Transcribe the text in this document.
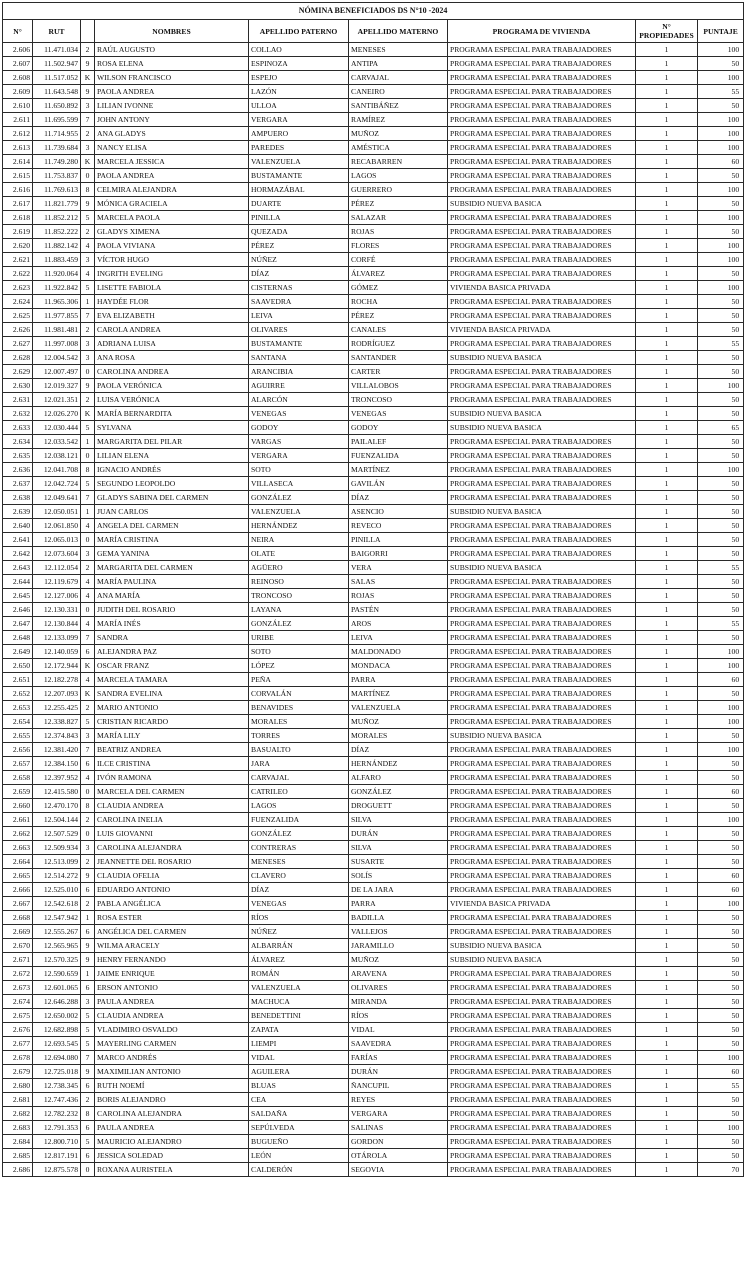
NÓMINA BENEFICIADOS DS N°10 -2024								
N°	RUT		NOMBRES	APELLIDO PATERNO	APELLIDO MATERNO	PROGRAMA DE VIVIENDA	N° PROPIEDADES	PUNTAJE
2.606	11.471.034	2	RAÚL AUGUSTO	COLLAO	MENESES	PROGRAMA ESPECIAL PARA TRABAJADORES	1	100
2.607	11.502.947	9	ROSA ELENA	ESPINOZA	ANTIPA	PROGRAMA ESPECIAL PARA TRABAJADORES	1	50
2.608	11.517.052	K	WILSON FRANCISCO	ESPEJO	CARVAJAL	PROGRAMA ESPECIAL PARA TRABAJADORES	1	100
2.609	11.643.548	9	PAOLA ANDREA	LAZÓN	CANEIRO	PROGRAMA ESPECIAL PARA TRABAJADORES	1	55
2.610	11.650.892	3	LILIAN IVONNE	ULLOA	SANTIBÁÑEZ	PROGRAMA ESPECIAL PARA TRABAJADORES	1	50
2.611	11.695.599	7	JOHN ANTONY	VERGARA	RAMÍREZ	PROGRAMA ESPECIAL PARA TRABAJADORES	1	100
2.612	11.714.955	2	ANA GLADYS	AMPUERO	MUÑOZ	PROGRAMA ESPECIAL PARA TRABAJADORES	1	100
2.613	11.739.684	3	NANCY ELISA	PAREDES	AMÉSTICA	PROGRAMA ESPECIAL PARA TRABAJADORES	1	100
2.614	11.749.280	K	MARCELA JESSICA	VALENZUELA	RECABARREN	PROGRAMA ESPECIAL PARA TRABAJADORES	1	60
2.615	11.753.837	0	PAOLA ANDREA	BUSTAMANTE	LAGOS	PROGRAMA ESPECIAL PARA TRABAJADORES	1	50
2.616	11.769.613	8	CELMIRA ALEJANDRA	HORMAZÁBAL	GUERRERO	PROGRAMA ESPECIAL PARA TRABAJADORES	1	100
2.617	11.821.779	9	MÓNICA GRACIELA	DUARTE	PÉREZ	SUBSIDIO NUEVA BASICA	1	50
2.618	11.852.212	5	MARCELA PAOLA	PINILLA	SALAZAR	PROGRAMA ESPECIAL PARA TRABAJADORES	1	100
2.619	11.852.222	2	GLADYS XIMENA	QUEZADA	ROJAS	PROGRAMA ESPECIAL PARA TRABAJADORES	1	50
2.620	11.882.142	4	PAOLA VIVIANA	PÉREZ	FLORES	PROGRAMA ESPECIAL PARA TRABAJADORES	1	100
2.621	11.883.459	3	VÍCTOR HUGO	NÚÑEZ	CORFÉ	PROGRAMA ESPECIAL PARA TRABAJADORES	1	100
2.622	11.920.064	4	INGRITH EVELING	DÍAZ	ÁLVAREZ	PROGRAMA ESPECIAL PARA TRABAJADORES	1	50
2.623	11.922.842	5	LISETTE FABIOLA	CISTERNAS	GÓMEZ	VIVIENDA BASICA PRIVADA	1	100
2.624	11.965.306	1	HAYDÉE FLOR	SAAVEDRA	ROCHA	PROGRAMA ESPECIAL PARA TRABAJADORES	1	50
2.625	11.977.855	7	EVA ELIZABETH	LEIVA	PÉREZ	PROGRAMA ESPECIAL PARA TRABAJADORES	1	50
2.626	11.981.481	2	CAROLA ANDREA	OLIVARES	CANALES	VIVIENDA BASICA PRIVADA	1	50
2.627	11.997.008	3	ADRIANA LUISA	BUSTAMANTE	RODRÍGUEZ	PROGRAMA ESPECIAL PARA TRABAJADORES	1	55
2.628	12.004.542	3	ANA ROSA	SANTANA	SANTANDER	SUBSIDIO NUEVA BASICA	1	50
2.629	12.007.497	0	CAROLINA ANDREA	ARANCIBIA	CARTER	PROGRAMA ESPECIAL PARA TRABAJADORES	1	50
2.630	12.019.327	9	PAOLA VERÓNICA	AGUIRRE	VILLALOBOS	PROGRAMA ESPECIAL PARA TRABAJADORES	1	100
2.631	12.021.351	2	LUISA VERÓNICA	ALARCÓN	TRONCOSO	PROGRAMA ESPECIAL PARA TRABAJADORES	1	50
2.632	12.026.270	K	MARÍA BERNARDITA	VENEGAS	VENEGAS	SUBSIDIO NUEVA BASICA	1	50
2.633	12.030.444	5	SYLVANA	GODOY	GODOY	SUBSIDIO NUEVA BASICA	1	65
2.634	12.033.542	1	MARGARITA DEL PILAR	VARGAS	PAILALEF	PROGRAMA ESPECIAL PARA TRABAJADORES	1	50
2.635	12.038.121	0	LILIAN ELENA	VERGARA	FUENZALIDA	PROGRAMA ESPECIAL PARA TRABAJADORES	1	50
2.636	12.041.708	8	IGNACIO ANDRÉS	SOTO	MARTÍNEZ	PROGRAMA ESPECIAL PARA TRABAJADORES	1	100
2.637	12.042.724	5	SEGUNDO LEOPOLDO	VILLASECA	GAVILÁN	PROGRAMA ESPECIAL PARA TRABAJADORES	1	50
2.638	12.049.641	7	GLADYS SABINA DEL CARMEN	GONZÁLEZ	DÍAZ	PROGRAMA ESPECIAL PARA TRABAJADORES	1	50
2.639	12.050.051	1	JUAN CARLOS	VALENZUELA	ASENCIO	SUBSIDIO NUEVA BASICA	1	50
2.640	12.061.850	4	ANGELA DEL CARMEN	HERNÁNDEZ	REVECO	PROGRAMA ESPECIAL PARA TRABAJADORES	1	50
2.641	12.065.013	0	MARÍA CRISTINA	NEIRA	PINILLA	PROGRAMA ESPECIAL PARA TRABAJADORES	1	50
2.642	12.073.604	3	GEMA YANINA	OLATE	BAIGORRI	PROGRAMA ESPECIAL PARA TRABAJADORES	1	50
2.643	12.112.054	2	MARGARITA DEL CARMEN	AGÜERO	VERA	SUBSIDIO NUEVA BASICA	1	55
2.644	12.119.679	4	MARÍA PAULINA	REINOSO	SALAS	PROGRAMA ESPECIAL PARA TRABAJADORES	1	50
2.645	12.127.006	4	ANA MARÍA	TRONCOSO	ROJAS	PROGRAMA ESPECIAL PARA TRABAJADORES	1	50
2.646	12.130.331	0	JUDITH DEL ROSARIO	LAYANA	PASTÉN	PROGRAMA ESPECIAL PARA TRABAJADORES	1	50
2.647	12.130.844	4	MARÍA INÉS	GONZÁLEZ	AROS	PROGRAMA ESPECIAL PARA TRABAJADORES	1	55
2.648	12.133.099	7	SANDRA	URIBE	LEIVA	PROGRAMA ESPECIAL PARA TRABAJADORES	1	50
2.649	12.140.059	6	ALEJANDRA PAZ	SOTO	MALDONADO	PROGRAMA ESPECIAL PARA TRABAJADORES	1	100
2.650	12.172.944	K	OSCAR FRANZ	LÓPEZ	MONDACA	PROGRAMA ESPECIAL PARA TRABAJADORES	1	100
2.651	12.182.278	4	MARCELA TAMARA	PEÑA	PARRA	PROGRAMA ESPECIAL PARA TRABAJADORES	1	60
2.652	12.207.093	K	SANDRA EVELINA	CORVALÁN	MARTÍNEZ	PROGRAMA ESPECIAL PARA TRABAJADORES	1	50
2.653	12.255.425	2	MARIO ANTONIO	BENAVIDES	VALENZUELA	PROGRAMA ESPECIAL PARA TRABAJADORES	1	100
2.654	12.338.827	5	CRISTIAN RICARDO	MORALES	MUÑOZ	PROGRAMA ESPECIAL PARA TRABAJADORES	1	100
2.655	12.374.843	3	MARÍA LILY	TORRES	MORALES	SUBSIDIO NUEVA BASICA	1	50
2.656	12.381.420	7	BEATRIZ ANDREA	BASUALTO	DÍAZ	PROGRAMA ESPECIAL PARA TRABAJADORES	1	100
2.657	12.384.150	6	ILCE CRISTINA	JARA	HERNÁNDEZ	PROGRAMA ESPECIAL PARA TRABAJADORES	1	50
2.658	12.397.952	4	IVÓN RAMONA	CARVAJAL	ALFARO	PROGRAMA ESPECIAL PARA TRABAJADORES	1	50
2.659	12.415.580	0	MARCELA DEL CARMEN	CATRILEO	GONZÁLEZ	PROGRAMA ESPECIAL PARA TRABAJADORES	1	60
2.660	12.470.170	8	CLAUDIA ANDREA	LAGOS	DROGUETT	PROGRAMA ESPECIAL PARA TRABAJADORES	1	50
2.661	12.504.144	2	CAROLINA INELIA	FUENZALIDA	SILVA	PROGRAMA ESPECIAL PARA TRABAJADORES	1	100
2.662	12.507.529	0	LUIS GIOVANNI	GONZÁLEZ	DURÁN	PROGRAMA ESPECIAL PARA TRABAJADORES	1	50
2.663	12.509.934	3	CAROLINA ALEJANDRA	CONTRERAS	SILVA	PROGRAMA ESPECIAL PARA TRABAJADORES	1	50
2.664	12.513.099	2	JEANNETTE DEL ROSARIO	MENESES	SUSARTE	PROGRAMA ESPECIAL PARA TRABAJADORES	1	50
2.665	12.514.272	9	CLAUDIA OFELIA	CLAVERO	SOLÍS	PROGRAMA ESPECIAL PARA TRABAJADORES	1	60
2.666	12.525.010	6	EDUARDO ANTONIO	DÍAZ	DE LA JARA	PROGRAMA ESPECIAL PARA TRABAJADORES	1	60
2.667	12.542.618	2	PABLA ANGÉLICA	VENEGAS	PARRA	VIVIENDA BASICA PRIVADA	1	100
2.668	12.547.942	1	ROSA ESTER	RÍOS	BADILLA	PROGRAMA ESPECIAL PARA TRABAJADORES	1	50
2.669	12.555.267	6	ANGÉLICA DEL CARMEN	NÚÑEZ	VALLEJOS	PROGRAMA ESPECIAL PARA TRABAJADORES	1	50
2.670	12.565.965	9	WILMA ARACELY	ALBARRÁN	JARAMILLO	SUBSIDIO NUEVA BASICA	1	50
2.671	12.570.325	9	HENRY FERNANDO	ÁLVAREZ	MUÑOZ	SUBSIDIO NUEVA BASICA	1	50
2.672	12.590.659	1	JAIME ENRIQUE	ROMÁN	ARAVENA	PROGRAMA ESPECIAL PARA TRABAJADORES	1	50
2.673	12.601.065	6	ERSON ANTONIO	VALENZUELA	OLIVARES	PROGRAMA ESPECIAL PARA TRABAJADORES	1	50
2.674	12.646.288	3	PAULA ANDREA	MACHUCA	MIRANDA	PROGRAMA ESPECIAL PARA TRABAJADORES	1	50
2.675	12.650.002	5	CLAUDIA ANDREA	BENEDETTINI	RÍOS	PROGRAMA ESPECIAL PARA TRABAJADORES	1	50
2.676	12.682.898	5	VLADIMIRO OSVALDO	ZAPATA	VIDAL	PROGRAMA ESPECIAL PARA TRABAJADORES	1	50
2.677	12.693.545	5	MAYERLING CARMEN	LIEMPI	SAAVEDRA	PROGRAMA ESPECIAL PARA TRABAJADORES	1	50
2.678	12.694.080	7	MARCO ANDRÉS	VIDAL	FARÍAS	PROGRAMA ESPECIAL PARA TRABAJADORES	1	100
2.679	12.725.018	9	MAXIMILIAN ANTONIO	AGUILERA	DURÁN	PROGRAMA ESPECIAL PARA TRABAJADORES	1	60
2.680	12.738.345	6	RUTH NOEMÍ	BLUAS	ÑANCUPIL	PROGRAMA ESPECIAL PARA TRABAJADORES	1	55
2.681	12.747.436	2	BORIS ALEJANDRO	CEA	REYES	PROGRAMA ESPECIAL PARA TRABAJADORES	1	50
2.682	12.782.232	8	CAROLINA ALEJANDRA	SALDAÑA	VERGARA	PROGRAMA ESPECIAL PARA TRABAJADORES	1	50
2.683	12.791.353	6	PAULA ANDREA	SEPÚLVEDA	SALINAS	PROGRAMA ESPECIAL PARA TRABAJADORES	1	100
2.684	12.800.710	5	MAURICIO ALEJANDRO	BUGUEÑO	GORDON	PROGRAMA ESPECIAL PARA TRABAJADORES	1	50
2.685	12.817.191	6	JESSICA SOLEDAD	LEÓN	OTÁROLA	PROGRAMA ESPECIAL PARA TRABAJADORES	1	50
2.686	12.875.578	0	ROXANA AURISTELA	CALDERÓN	SEGOVIA	PROGRAMA ESPECIAL PARA TRABAJADORES	1	70
